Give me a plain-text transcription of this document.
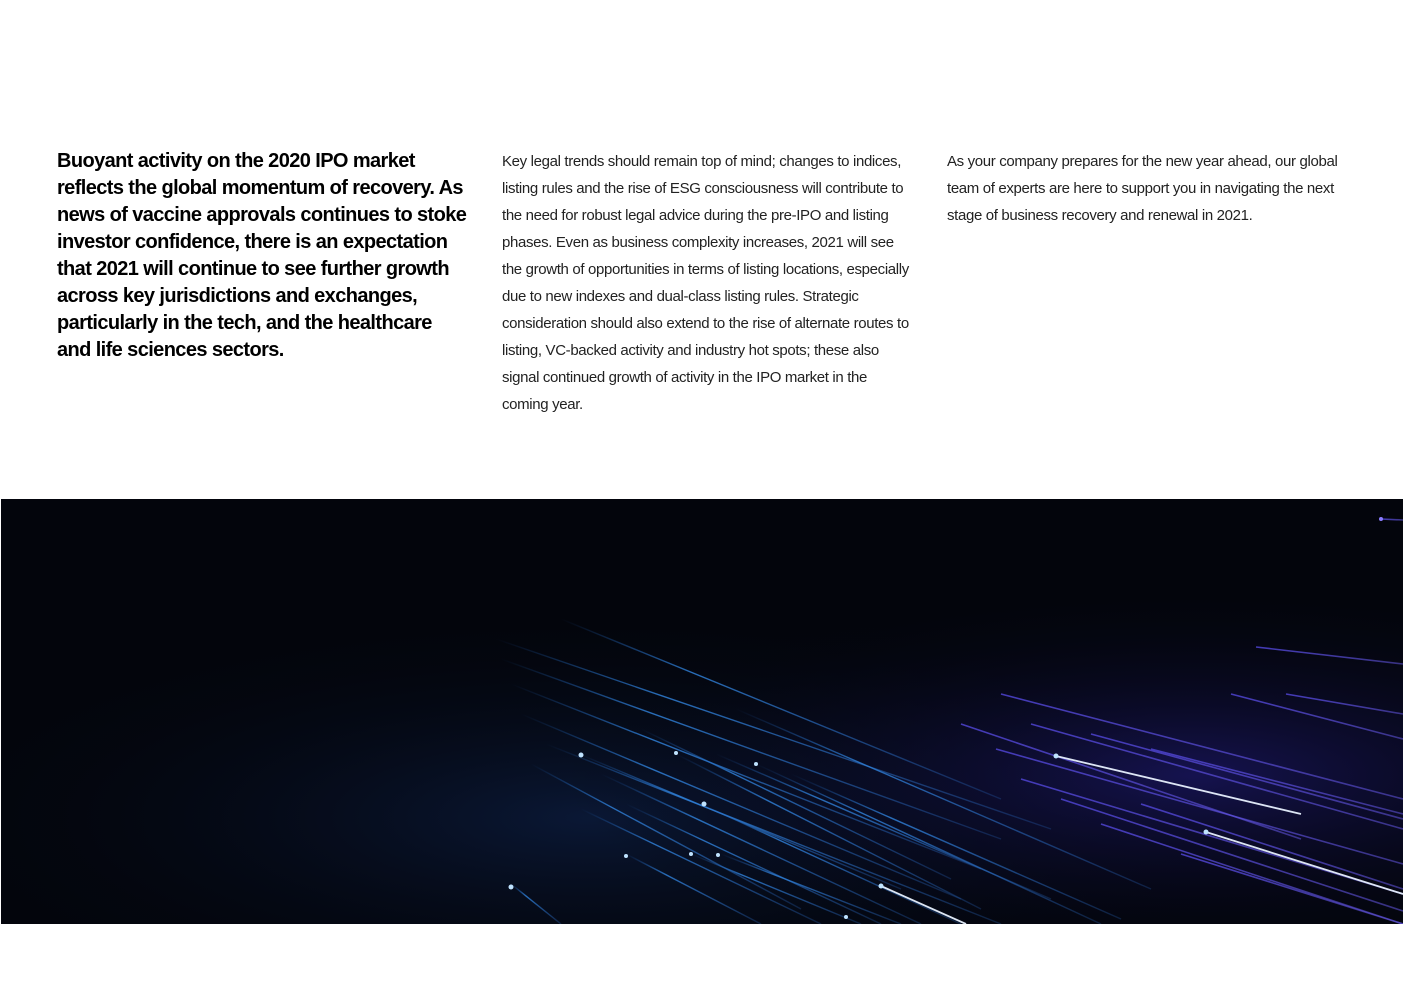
Buoyant activity on the 2020 IPO market reflects the global momentum of recovery. As news of vaccine approvals continues to stoke investor confidence, there is an expectation that 2021 will continue to see further growth across key jurisdictions and exchanges, particularly in the tech, and the healthcare and life sciences sectors.

Key legal trends should remain top of mind; changes to indices, listing rules and the rise of ESG consciousness will contribute to the need for robust legal advice during the pre-IPO and listing phases. Even as business complexity increases, 2021 will see the growth of opportunities in terms of listing locations, especially due to new indexes and dual-class listing rules. Strategic consideration should also extend to the rise of alternate routes to listing, VC-backed activity and industry hot spots; these also signal continued growth of activity in the IPO market in the coming year.

As your company prepares for the new year ahead, our global team of experts are here to support you in navigating the next stage of business recovery and renewal in 2021.
